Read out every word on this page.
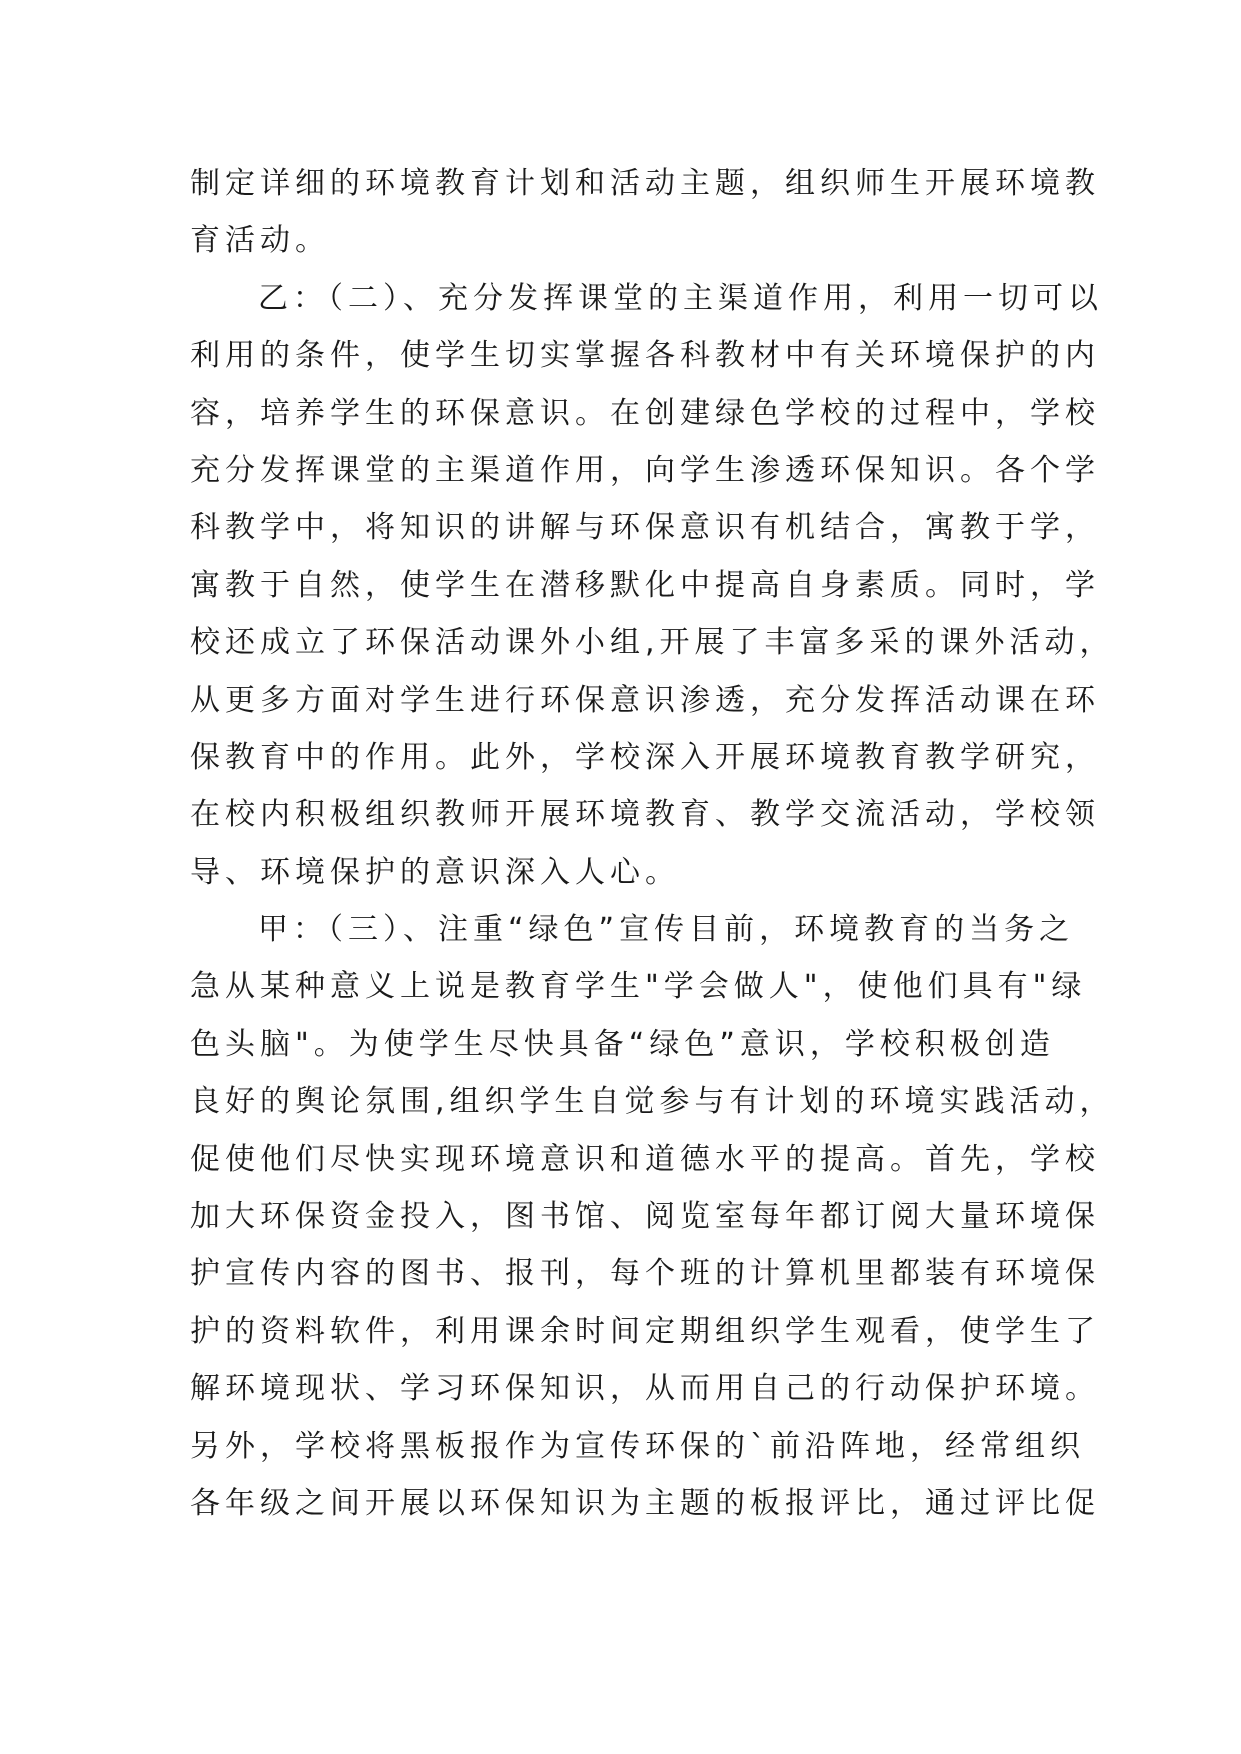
制定详细的环境教育计划和活动主题，组织师生开展环境教
育活动。
乙：（二）、充分发挥课堂的主渠道作用，利用一切可以
利用的条件，使学生切实掌握各科教材中有关环境保护的内
容，培养学生的环保意识。在创建绿色学校的过程中，学校
充分发挥课堂的主渠道作用，向学生渗透环保知识。各个学
科教学中，将知识的讲解与环保意识有机结合，寓教于学，
寓教于自然，使学生在潜移默化中提高自身素质。同时，学
校还成立了环保活动课外小组,开展了丰富多采的课外活动，
从更多方面对学生进行环保意识渗透，充分发挥活动课在环
保教育中的作用。此外，学校深入开展环境教育教学研究，
在校内积极组织教师开展环境教育、教学交流活动，学校领
导、环境保护的意识深入人心。
甲：（三）、注重“绿色”宣传目前，环境教育的当务之
急从某种意义上说是教育学生"学会做人"，使他们具有"绿
色头脑"。为使学生尽快具备“绿色”意识，学校积极创造
良好的舆论氛围,组织学生自觉参与有计划的环境实践活动，
促使他们尽快实现环境意识和道德水平的提高。首先，学校
加大环保资金投入，图书馆、阅览室每年都订阅大量环境保
护宣传内容的图书、报刊，每个班的计算机里都装有环境保
护的资料软件，利用课余时间定期组织学生观看，使学生了
解环境现状、学习环保知识，从而用自己的行动保护环境。
另外，学校将黑板报作为宣传环保的`前沿阵地，经常组织
各年级之间开展以环保知识为主题的板报评比，通过评比促
